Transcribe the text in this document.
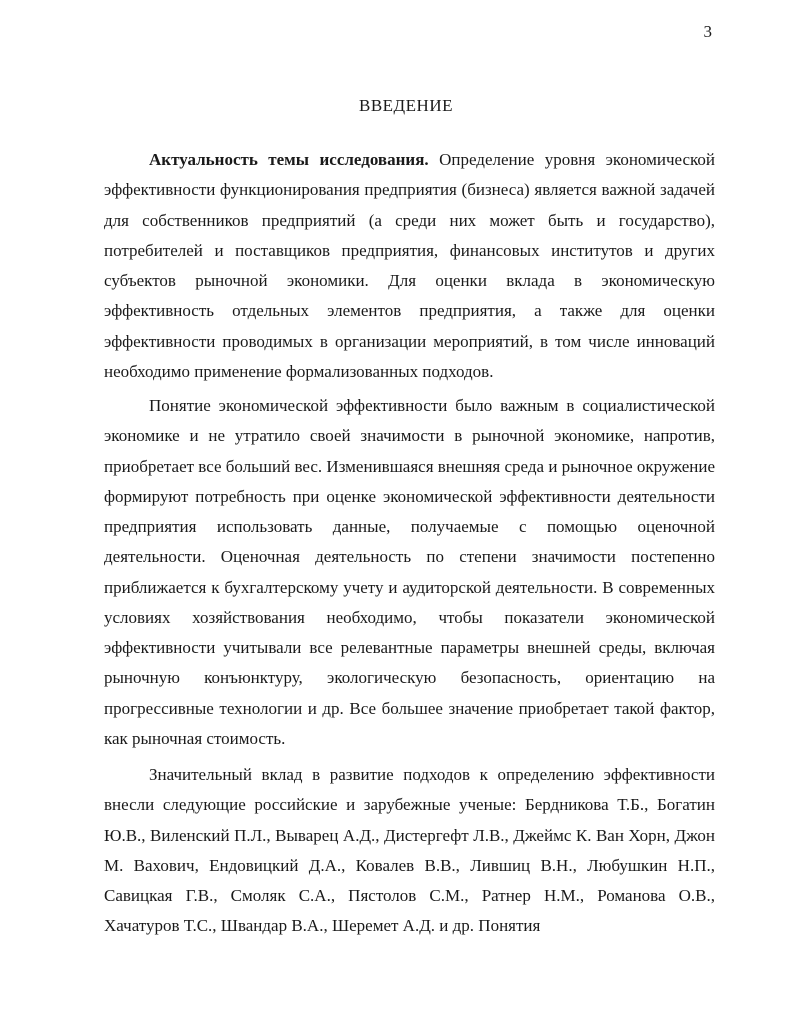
3
ВВЕДЕНИЕ

Актуальность темы исследования. Определение уровня экономической эффективности функционирования предприятия (бизнеса) является важной задачей для собственников предприятий (а среди них может быть и государство), потребителей и поставщиков предприятия, финансовых институтов и других субъектов рыночной экономики. Для оценки вклада в экономическую эффективность отдельных элементов предприятия, а также для оценки эффективности проводимых в организации мероприятий, в том числе инноваций необходимо применение формализованных подходов.

Понятие экономической эффективности было важным в социалистической экономике и не утратило своей значимости в рыночной экономике, напротив, приобретает все больший вес. Изменившаяся внешняя среда и рыночное окружение формируют потребность при оценке экономической эффективности деятельности предприятия использовать данные, получаемые с помощью оценочной деятельности. Оценочная деятельность по степени значимости постепенно приближается к бухгалтерскому учету и аудиторской деятельности. В современных условиях хозяйствования необходимо, чтобы показатели экономической эффективности учитывали все релевантные параметры внешней среды, включая рыночную конъюнктуру, экологическую безопасность, ориентацию на прогрессивные технологии и др. Все большее значение приобретает такой фактор, как рыночная стоимость.

Значительный вклад в развитие подходов к определению эффективности внесли следующие российские и зарубежные ученые: Бердникова Т.Б., Богатин Ю.В., Виленский П.Л., Выварец А.Д., Дистергефт Л.В., Джеймс К. Ван Хорн, Джон М. Вахович, Ендовицкий Д.А., Ковалев В.В., Лившиц В.Н., Любушкин Н.П., Савицкая Г.В., Смоляк С.А., Пястолов С.М., Ратнер Н.М., Романова О.В., Хачатуров Т.С., Швандар В.А., Шеремет А.Д. и др. Понятия
